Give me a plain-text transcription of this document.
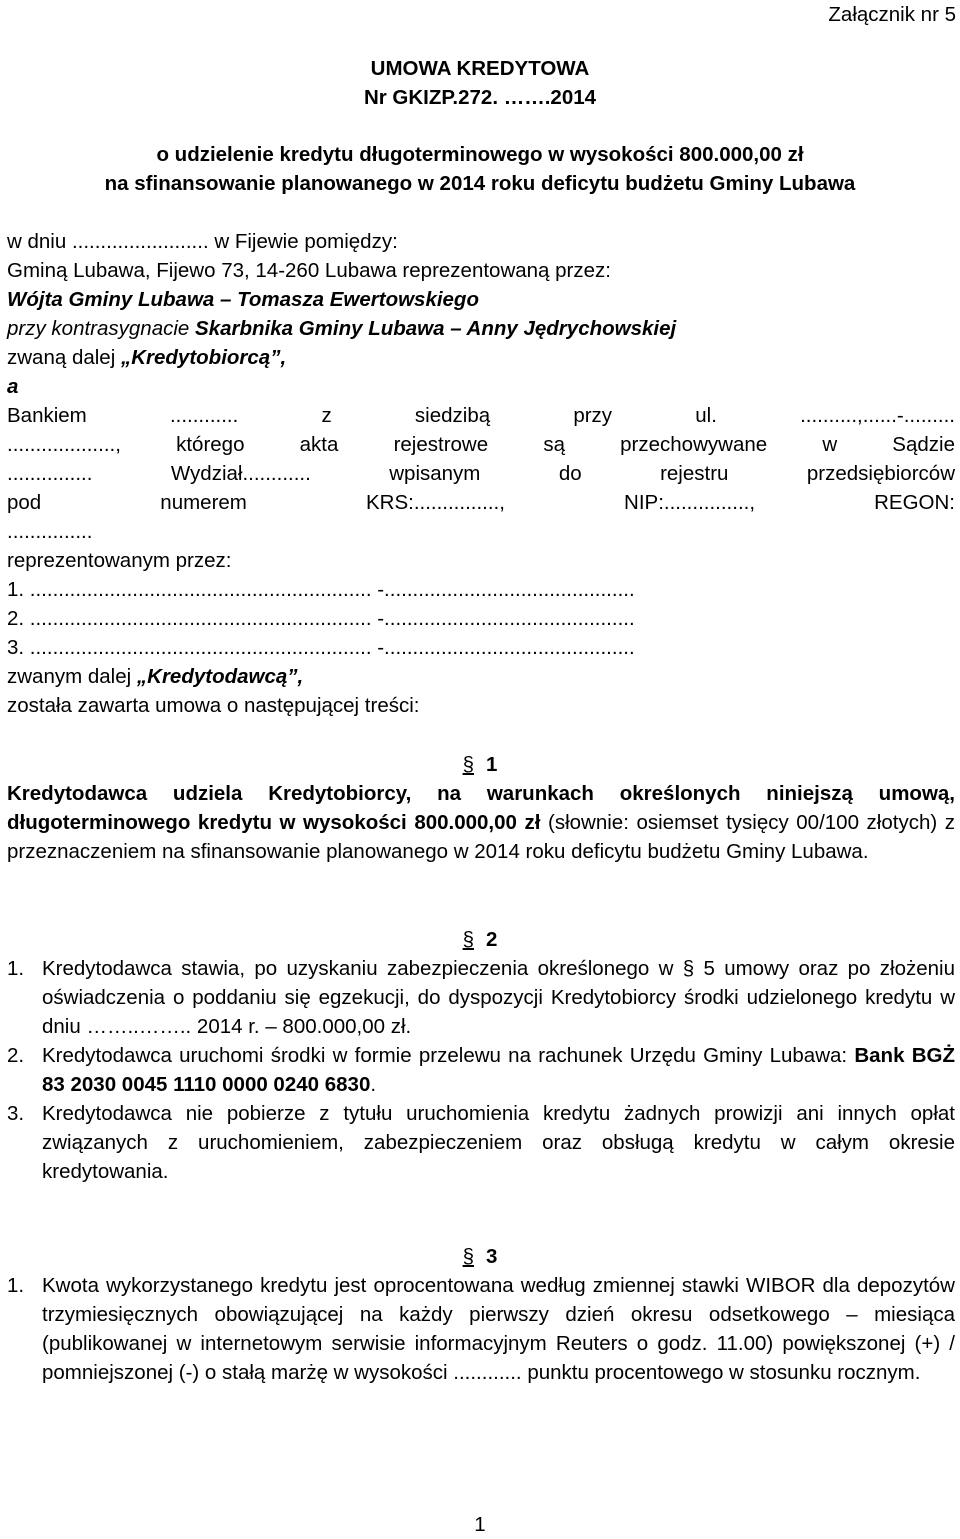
Załącznik nr 5
UMOWA KREDYTOWA
Nr GKIZP.272. …….2014
o udzielenie kredytu długoterminowego w wysokości 800.000,00 zł
na sfinansowanie planowanego w 2014 roku deficytu budżetu Gminy Lubawa

w dniu ........................ w Fijewie pomiędzy:

Gminą Lubawa, Fijewo 73, 14-260 Lubawa reprezentowaną przez:

Wójta Gminy Lubawa – Tomasza Ewertowskiego

przy kontrasygnacie Skarbnika Gminy Lubawa – Anny Jędrychowskiej

zwaną dalej „Kredytobiorcą”,

a

Bankiem ............ z siedzibą przy ul. ..........,......-.........

..................., którego akta rejestrowe są przechowywane w Sądzie

............... Wydział............ wpisanym do rejestru przedsiębiorców

pod numerem KRS:..............., NIP:..............., REGON:

...............

reprezentowanym przez:

1. ............................................................ -............................................

2. ............................................................ -............................................

3. ............................................................ -............................................

zwanym dalej „Kredytodawcą”,

została zawarta umowa o następującej treści:

§ 1

Kredytodawca udziela Kredytobiorcy, na warunkach określonych niniejszą umową, długoterminowego kredytu w wysokości 800.000,00 zł (słownie: osiemset tysięcy 00/100 złotych) z przeznaczeniem na sfinansowanie planowanego w 2014 roku deficytu budżetu Gminy Lubawa.

§ 2
1. Kredytodawca stawia, po uzyskaniu zabezpieczenia określonego w § 5 umowy oraz po złożeniu oświadczenia o poddaniu się egzekucji, do dyspozycji Kredytobiorcy środki udzielonego kredytu w dniu ……..…….. 2014 r. – 800.000,00 zł.
2. Kredytodawca uruchomi środki w formie przelewu na rachunek Urzędu Gminy Lubawa: Bank BGŻ 83 2030 0045 1110 0000 0240 6830.
3. Kredytodawca nie pobierze z tytułu uruchomienia kredytu żadnych prowizji ani innych opłat związanych z uruchomieniem, zabezpieczeniem oraz obsługą kredytu w całym okresie kredytowania.
§ 3
1. Kwota wykorzystanego kredytu jest oprocentowana według zmiennej stawki WIBOR dla depozytów trzymiesięcznych obowiązującej na każdy pierwszy dzień okresu odsetkowego – miesiąca (publikowanej w internetowym serwisie informacyjnym Reuters o godz. 11.00) powiększonej (+) / pomniejszonej (-) o stałą marżę w wysokości ............ punktu procentowego w stosunku rocznym.
1
